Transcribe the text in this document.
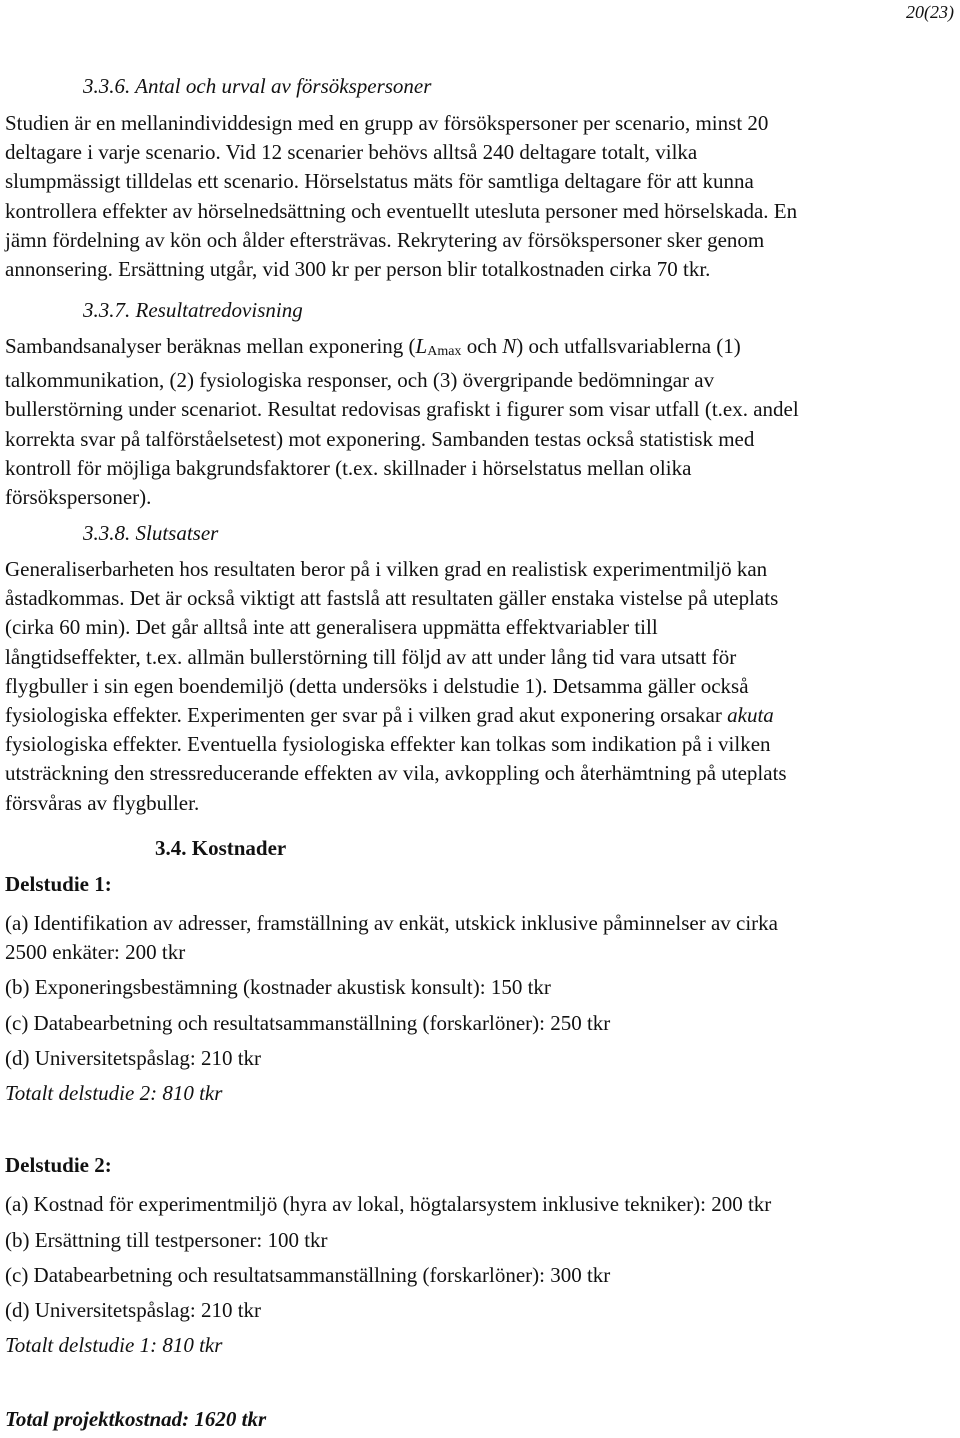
20(23)
3.3.6. Antal och urval av försökspersoner
Studien är en mellanindividdesign med en grupp av försökspersoner per scenario, minst 20
deltagare i varje scenario. Vid 12 scenarier behövs alltså 240 deltagare totalt, vilka
slumpmässigt tilldelas ett scenario. Hörselstatus mäts för samtliga deltagare för att kunna
kontrollera effekter av hörselnedsättning och eventuellt utesluta personer med hörselskada. En
jämn fördelning av kön och ålder eftersträvas. Rekrytering av försökspersoner sker genom
annonsering. Ersättning utgår, vid 300 kr per person blir totalkostnaden cirka 70 tkr.
3.3.7. Resultatredovisning
Sambandsanalyser beräknas mellan exponering ($L_{Amax}$ och N) och utfallsvariablerna (1)
talkommunikation, (2) fysiologiska responser, och (3) övergripande bedömningar av
bullerstörning under scenariot. Resultat redovisas grafiskt i figurer som visar utfall (t.ex. andel
korrekta svar på talförståelsetest) mot exponering. Sambanden testas också statistisk med
kontroll för möjliga bakgrundsfaktorer (t.ex. skillnader i hörselstatus mellan olika
försökspersoner).
3.3.8. Slutsatser
Generaliserbarheten hos resultaten beror på i vilken grad en realistisk experimentmiljö kan
åstadkommas. Det är också viktigt att fastslå att resultaten gäller enstaka vistelse på uteplats
(cirka 60 min). Det går alltså inte att generalisera uppmätta effektvariabler till
långtidseffekter, t.ex. allmän bullerstörning till följd av att under lång tid vara utsatt för
flygbuller i sin egen boendemiljö (detta undersöks i delstudie 1). Detsamma gäller också
fysiologiska effekter. Experimenten ger svar på i vilken grad akut exponering orsakar akuta
fysiologiska effekter. Eventuella fysiologiska effekter kan tolkas som indikation på i vilken
utsträckning den stressreducerande effekten av vila, avkoppling och återhämtning på uteplats
försvåras av flygbuller.
3.4. Kostnader
Delstudie 1:
(a) Identifikation av adresser, framställning av enkät, utskick inklusive påminnelser av cirka
2500 enkäter: 200 tkr
(b) Exponeringsbestämning (kostnader akustisk konsult): 150 tkr
(c) Databearbetning och resultatsammanställning (forskarlöner): 250 tkr
(d) Universitetspåslag: 210 tkr
Totalt delstudie 2: 810 tkr
Delstudie 2:
(a) Kostnad för experimentmiljö (hyra av lokal, högtalarsystem inklusive tekniker): 200 tkr
(b) Ersättning till testpersoner: 100 tkr
(c) Databearbetning och resultatsammanställning (forskarlöner): 300 tkr
(d) Universitetspåslag: 210 tkr
Totalt delstudie 1: 810 tkr
Total projektkostnad: 1620 tkr
